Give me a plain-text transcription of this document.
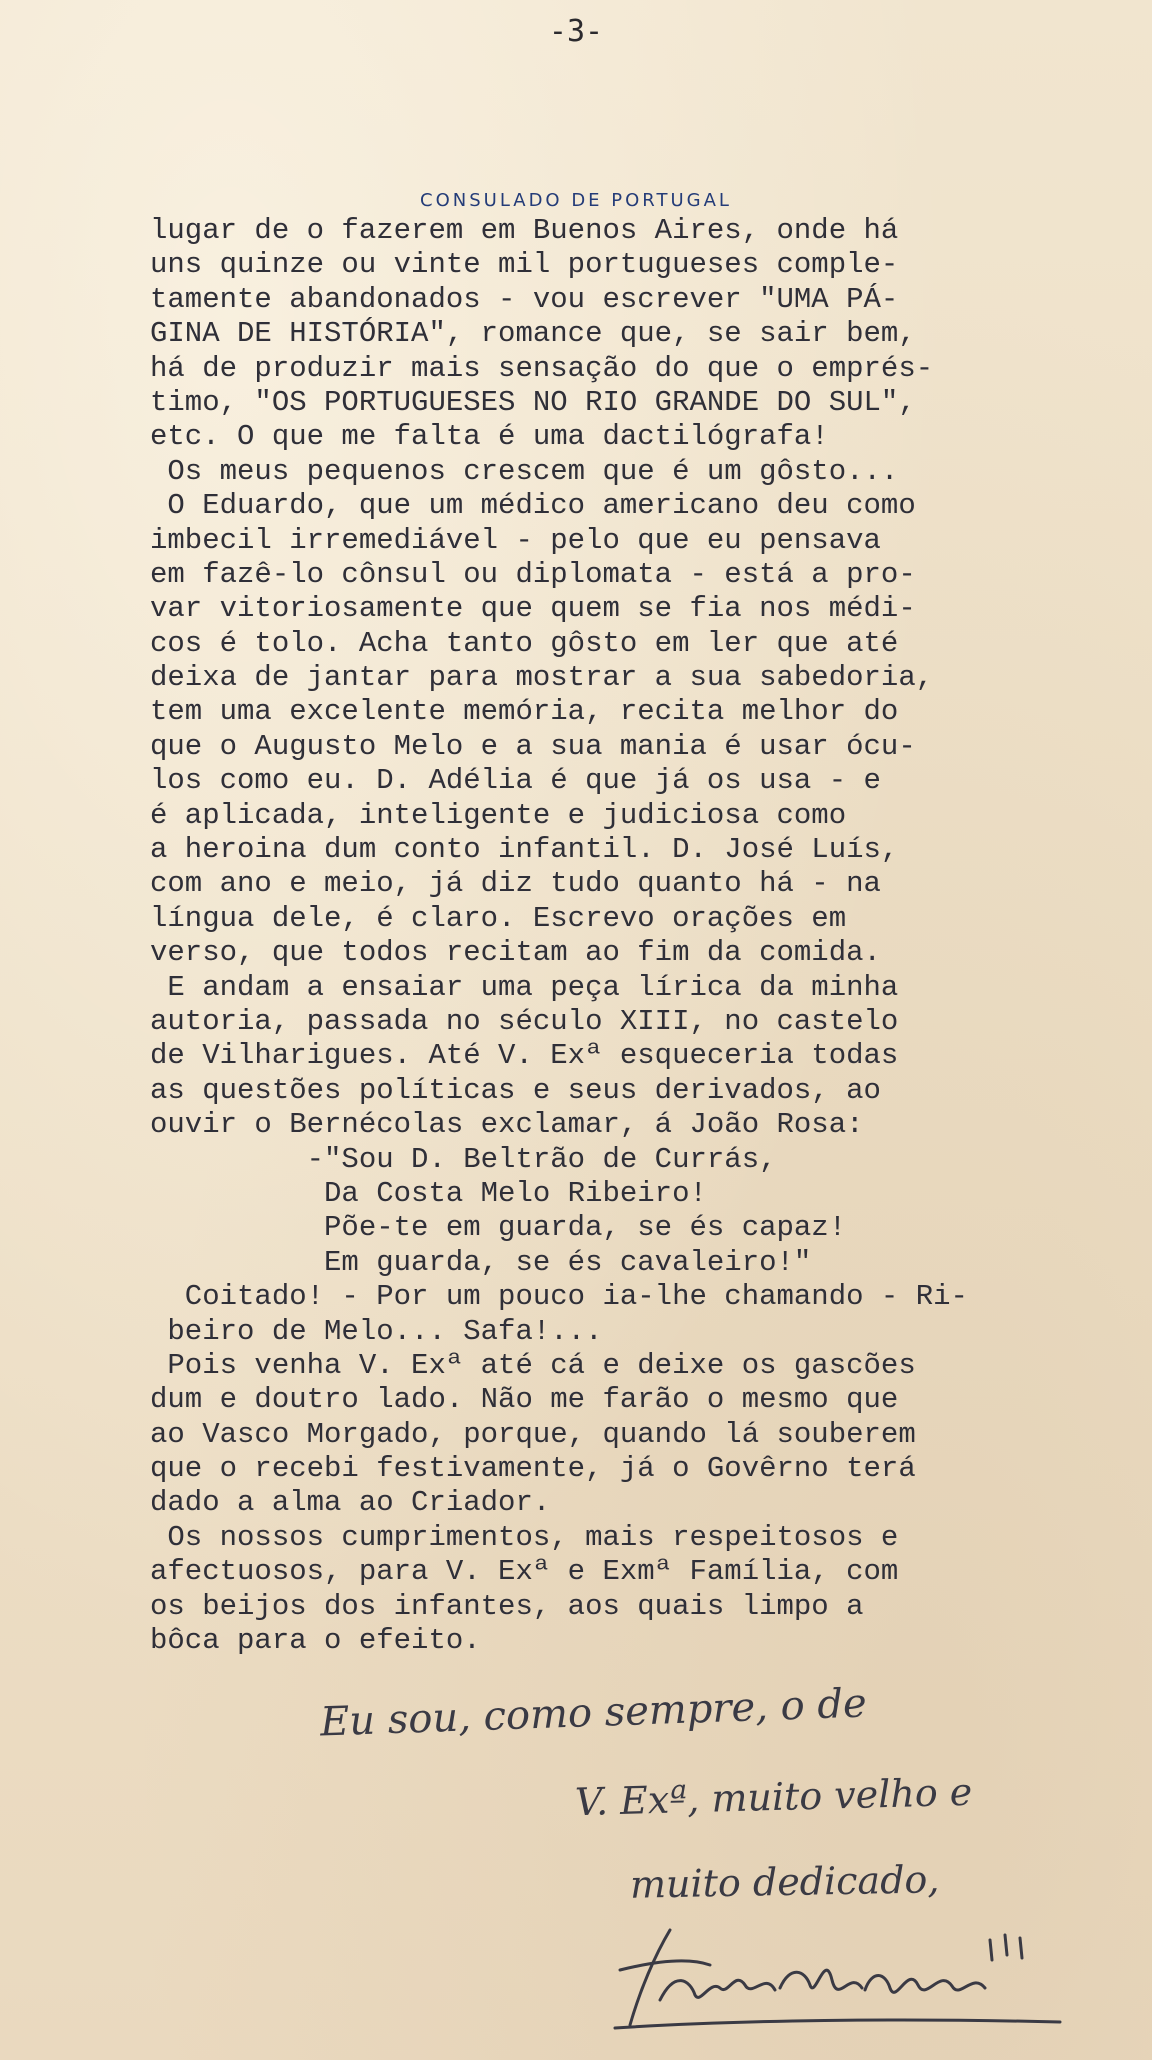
-3-

CONSULADO DE PORTUGAL

lugar de o fazerem em Buenos Aires, onde há
uns quinze ou vinte mil portugueses comple-
tamente abandonados - vou escrever "UMA PÁ-
GINA DE HISTÓRIA", romance que, se sair bem,
há de produzir mais sensação do que o emprés-
timo, "OS PORTUGUESES NO RIO GRANDE DO SUL",
etc. O que me falta é uma dactilógrafa!
Os meus pequenos crescem que é um gôsto...
O Eduardo, que um médico americano deu como
imbecil irremediável - pelo que eu pensava
em fazê-lo cônsul ou diplomata - está a pro-
var vitoriosamente que quem se fia nos médi-
cos é tolo. Acha tanto gôsto em ler que até
deixa de jantar para mostrar a sua sabedoria,
tem uma excelente memória, recita melhor do
que o Augusto Melo e a sua mania é usar ócu-
los como eu. D. Adélia é que já os usa - e
é aplicada, inteligente e judiciosa como
a heroina dum conto infantil. D. José Luís,
com ano e meio, já diz tudo quanto há - na
língua dele, é claro. Escrevo orações em
verso, que todos recitam ao fim da comida.
E andam a ensaiar uma peça lírica da minha
autoria, passada no século XIII, no castelo
de Vilharigues. Até V. Exª esqueceria todas
as questões políticas e seus derivados, ao
ouvir o Bernécolas exclamar, á João Rosa:
-"Sou D. Beltrão de Currás,
Da Costa Melo Ribeiro!
Põe-te em guarda, se és capaz!
Em guarda, se és cavaleiro!"
Coitado! - Por um pouco ia-lhe chamando - Ri-
beiro de Melo... Safa!...
Pois venha V. Exª até cá e deixe os gascões
dum e doutro lado. Não me farão o mesmo que
ao Vasco Morgado, porque, quando lá souberem
que o recebi festivamente, já o Govêrno terá
dado a alma ao Criador.
Os nossos cumprimentos, mais respeitosos e
afectuosos, para V. Exª e Exmª Família, com
os beijos dos infantes, aos quais limpo a
bôca para o efeito.

Eu sou, como sempre, o de

V. Exª, muito velho e

muito dedicado,
